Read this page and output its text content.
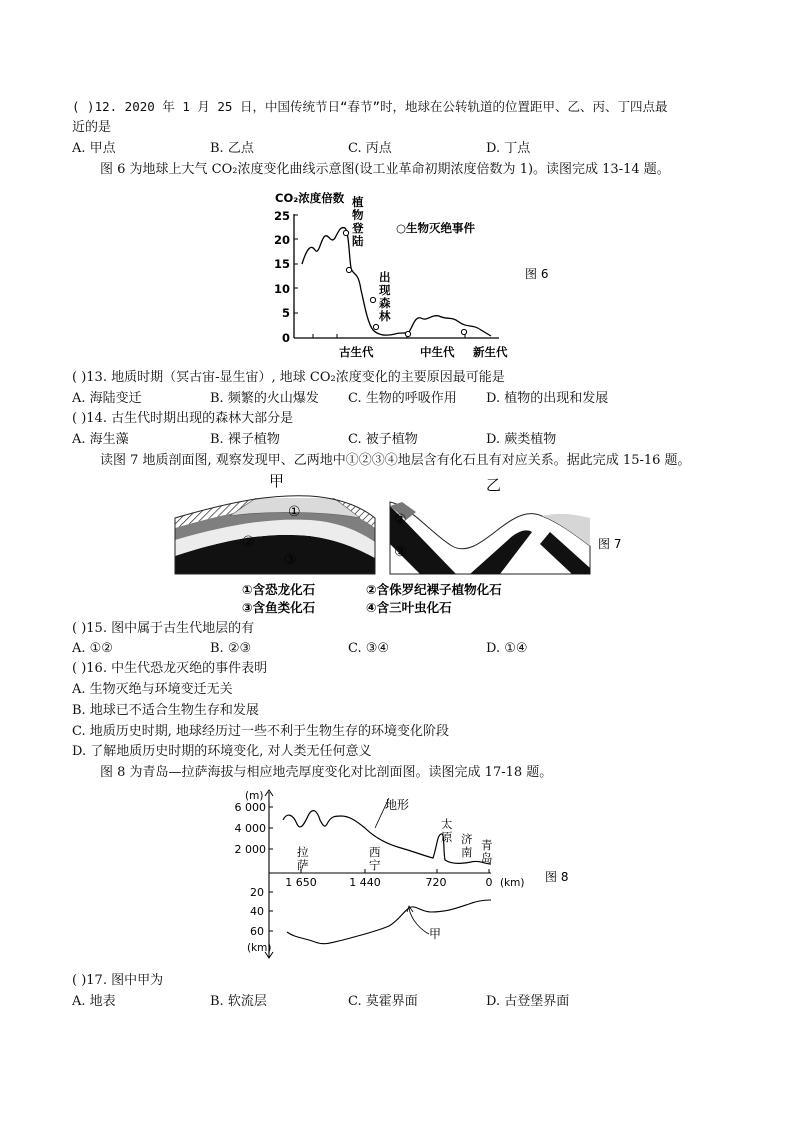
( )12. 2020 年 1 月 25 日，中国传统节日“春节”时，地球在公转轨道的位置距甲、乙、丙、丁四点最
近的是
A. 甲点	B. 乙点	C. 丙点	D. 丁点
图 6 为地球上大气 CO₂浓度变化曲线示意图(设工业革命初期浓度倍数为 1)。读图完成 13-14 题。
CO₂浓度倍数
25
20
15
10
5
0
植
物
登
陆
出
现
森
林
○生物灭绝事件
古生代	中生代 新生代
图 6
( )13. 地质时期（冥古宙-显生宙）, 地球 CO₂浓度变化的主要原因最可能是
A. 海陆变迁	B. 频繁的火山爆发 C. 生物的呼吸作用 D. 植物的出现和发展
( )14. 古生代时期出现的森林大部分是
A. 海生藻	B. 裸子植物	C. 被子植物	D. 蕨类植物
读图 7 地质剖面图, 观察发现甲、乙两地中①②③④地层含有化石且有对应关系。据此完成 15-16 题。
甲	乙
①
②
③
②
③	图 7
①含恐龙化石	②含侏罗纪裸子植物化石
③含鱼类化石	④含三叶虫化石
( )15. 图中属于古生代地层的有
A. ①②	B. ②③	C. ③④	D. ①④
( )16. 中生代恐龙灭绝的事件表明
A. 生物灭绝与环境变迁无关
B. 地球已不适合生物生存和发展
C. 地质历史时期, 地球经历过一些不利于生物生存的环境变化阶段
D. 了解地质历史时期的环境变化, 对人类无任何意义
图 8 为青岛—拉萨海拔与相应地壳厚度变化对比剖面图。读图完成 17-18 题。
(m)
6 000
4 000
2 000
20
40
60
(km)
地形
拉
萨
西
宁
太
原 济
南 青
岛
1 650	1 440	720	0 (km)
甲
图 8
( )17. 图中甲为
A. 地表	B. 软流层	C. 莫霍界面	D. 古登堡界面
